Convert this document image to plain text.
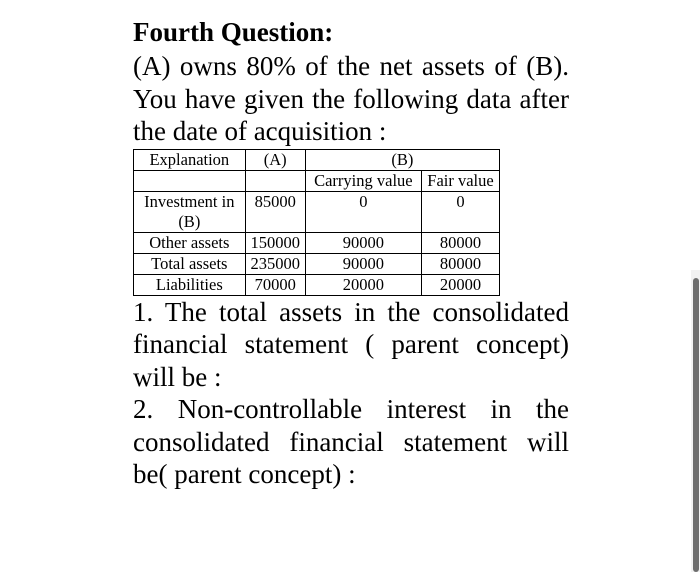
Fourth Question:

(A) owns 80% of the net assets of (B). You have given the following data after the date of acquisition :

Explanation	(A)	(B)	
		Carrying value	Fair value
Investment in (B)	85000	0	0
Other assets	150000	90000	80000
Total assets	235000	90000	80000
Liabilities	70000	20000	20000

1. The total assets in the consolidated financial statement ( parent concept) will be :

2. Non-controllable interest in the consolidated financial statement will be( parent concept) :
